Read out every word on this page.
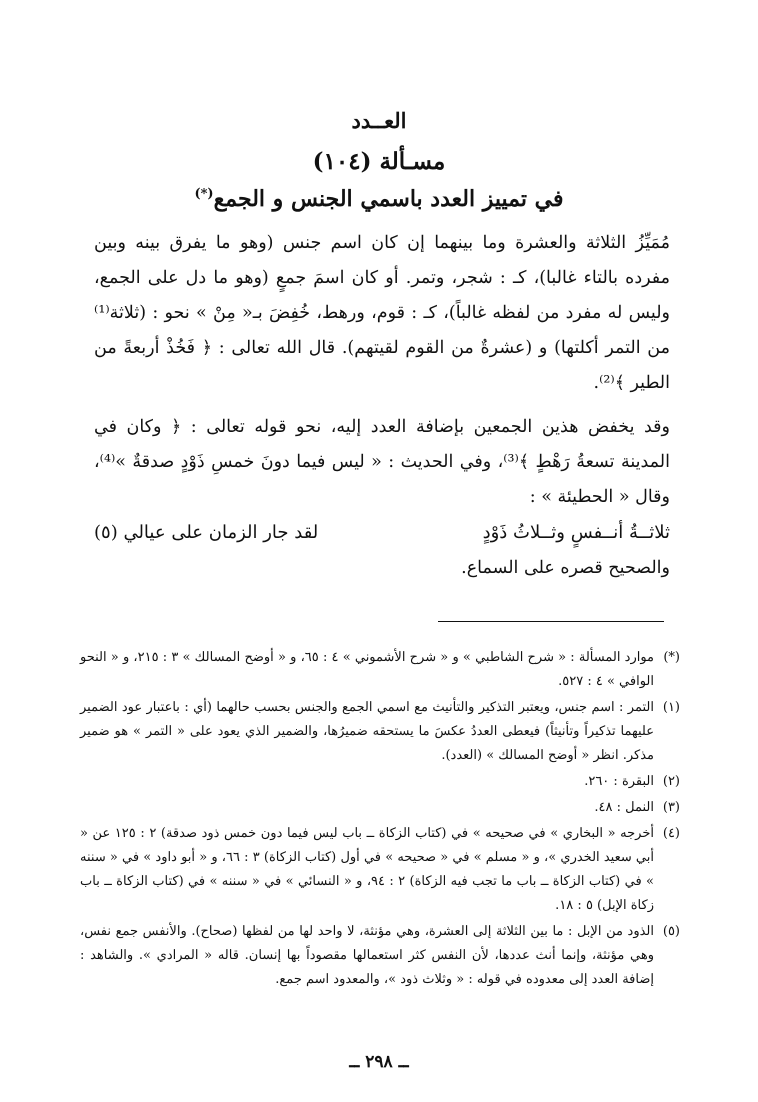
العــدد
مسـألة (١٠٤)
في تمييز العدد باسمي الجنس و الجمع(*)
مُمَيِّزُ الثلاثة والعشرة وما بينهما إن كان اسم جنس (وهو ما يفرق بينه وبين مفرده بالتاء غالبا)، كـ : شجر، وتمر. أو كان اسمَ جمعٍ (وهو ما دل على الجمع، وليس له مفرد من لفظه غالباً)، كـ : قوم، ورهط، خُفِضَ بـ« مِنْ » نحو : (ثلاثة⁽¹⁾ من التمر أكلتها) و (عشرةٌ من القوم لقيتهم). قال الله تعالى : ﴿ فَخُذْ أربعةً من الطير ﴾⁽²⁾.
وقد يخفض هذين الجمعين بإضافة العدد إليه، نحو قوله تعالى : ﴿ وكان في المدينة تسعةُ رَهْطٍ ﴾⁽³⁾، وفي الحديث : « ليس فيما دونَ خمسِ ذَوْدٍ صدقةٌ »⁽⁴⁾، وقال « الحطيئة » :
ثلاثــةُ أنــفسٍ وثــلاثُ ذَوْدٍ
لقد جار الزمان على عيالي (٥)
والصحيح قصره على السماع.
(*)
موارد المسألة : « شرح الشاطبي » و « شرح الأشموني » ٤ : ٦٥، و « أوضح المسالك » ٣ : ٢١٥، و « النحو الوافي » ٤ : ٥٢٧.
(١)
التمر : اسم جنس، ويعتبر التذكير والتأنيث مع اسمي الجمع والجنس بحسب حالهما (أي : باعتبار عود الضمير عليهما تذكيراً وتأنيثاً) فيعطى العددُ عكسَ ما يستحقه ضميرُها، والضمير الذي يعود على « التمر » هو ضمير مذكر. انظر « أوضح المسالك » (العدد).
(٢)
البقرة : ٢٦٠.
(٣)
النمل : ٤٨.
(٤)
أخرجه « البخاري » في صحيحه » في (كتاب الزكاة ــ باب ليس فيما دون خمس ذود صدقة) ٢ : ١٢٥ عن « أبي سعيد الخدري »، و « مسلم » في « صحيحه » في أول (كتاب الزكاة) ٣ : ٦٦، و « أبو داود » في « سننه » في (كتاب الزكاة ــ باب ما تجب فيه الزكاة) ٢ : ٩٤، و « النسائي » في « سننه » في (كتاب الزكاة ــ باب زكاة الإبل) ٥ : ١٨.
(٥)
الذود من الإبل : ما بين الثلاثة إلى العشرة، وهي مؤنثة، لا واحد لها من لفظها (صحاح). والأنفس جمع نفس، وهي مؤنثة، وإنما أنث عددها، لأن النفس كثر استعمالها مقصوداً بها إنسان. قاله « المرادي ». والشاهد : إضافة العدد إلى معدوده في قوله : « وثلاث ذود »، والمعدود اسم جمع.
ــ ٢٩٨ ــ
